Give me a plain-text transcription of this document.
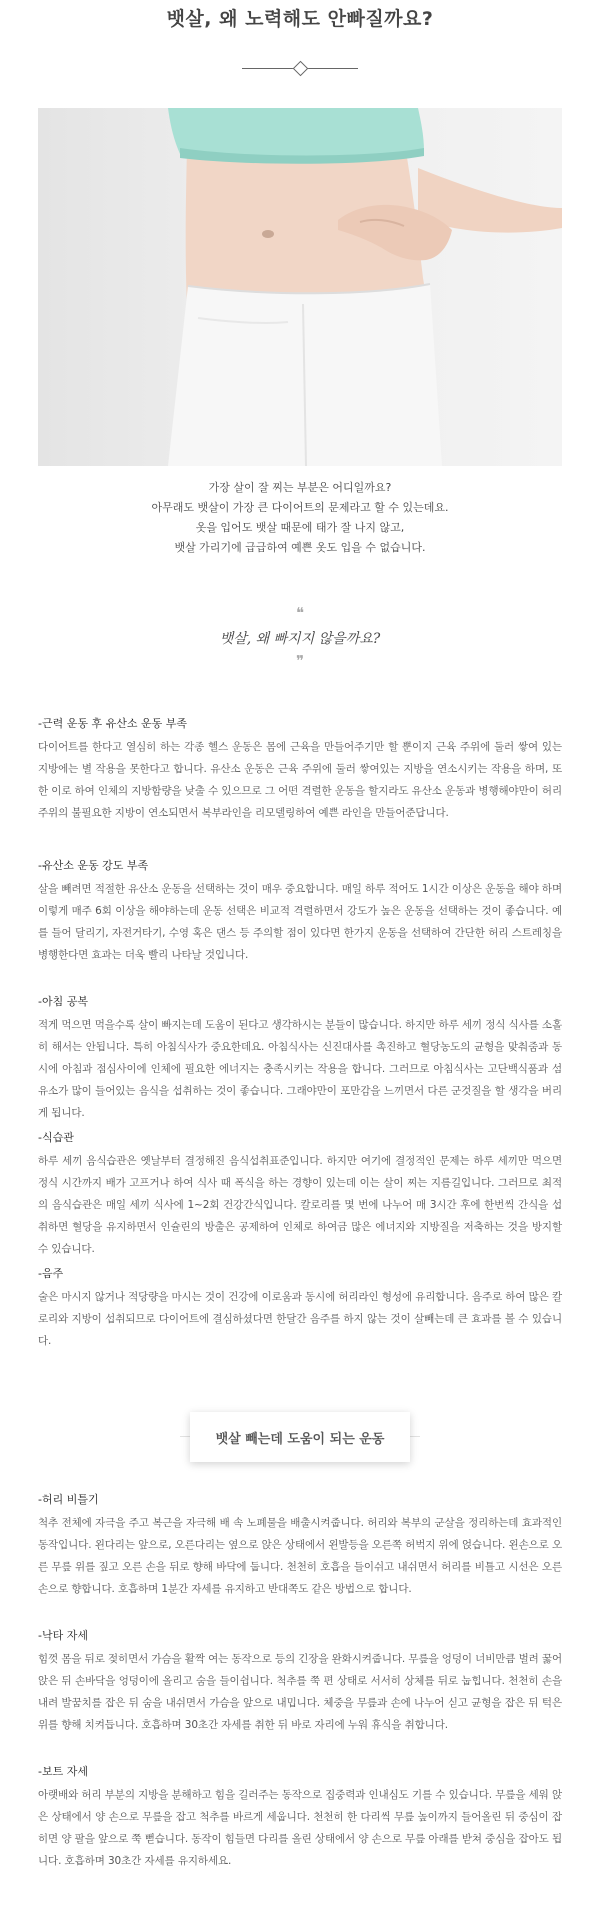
뱃살, 왜 노력해도 안빠질까요?
가장 살이 잘 찌는 부분은 어디일까요?
아무래도 뱃살이 가장 큰 다이어트의 문제라고 할 수 있는데요.
옷을 입어도 뱃살 때문에 태가 잘 나지 않고,
뱃살 가리기에 급급하여 예쁜 옷도 입을 수 없습니다.
❝
뱃살, 왜 빠지지 않을까요?
❞

-근력 운동 후 유산소 운동 부족

다이어트를 한다고 열심히 하는 각종 헬스 운동은 몸에 근육을 만들어주기만 할 뿐이지 근육 주위에 둘러 쌓여 있는 지방에는 별 작용을 못한다고 합니다. 유산소 운동은 근육 주위에 둘러 쌓여있는 지방을 연소시키는 작용을 하며, 또한 이로 하여 인체의 지방함량을 낮출 수 있으므로 그 어떤 격렬한 운동을 할지라도 유산소 운동과 병행해야만이 허리 주위의 불필요한 지방이 연소되면서 복부라인을 리모델링하여 예쁜 라인을 만들어준답니다.

-유산소 운동 강도 부족

살을 빼려면 적절한 유산소 운동을 선택하는 것이 매우 중요합니다. 매일 하루 적어도 1시간 이상은 운동을 해야 하며 이렇게 매주 6회 이상을 해야하는데 운동 선택은 비교적 격렬하면서 강도가 높은 운동을 선택하는 것이 좋습니다. 예를 들어 달리기, 자전거타기, 수영 혹은 댄스 등 주의할 점이 있다면 한가지 운동을 선택하여 간단한 허리 스트레칭을 병행한다면 효과는 더욱 빨리 나타날 것입니다.

-아침 공복

적게 먹으면 먹을수록 살이 빠지는데 도움이 된다고 생각하시는 분들이 많습니다. 하지만 하루 세끼 정식 식사를 소홀히 해서는 안됩니다. 특히 아침식사가 중요한데요. 아침식사는 신진대사를 촉진하고 혈당농도의 균형을 맞춰줌과 동시에 아침과 점심사이에 인체에 필요한 에너지는 충족시키는 작용을 합니다. 그러므로 아침식사는 고단백식품과 섬유소가 많이 들어있는 음식을 섭취하는 것이 좋습니다. 그래야만이 포만감을 느끼면서 다른 군것질을 할 생각을 버리게 됩니다.

-식습관

하루 세끼 음식습관은 옛날부터 결정해진 음식섭취표준입니다. 하지만 여기에 결정적인 문제는 하루 세끼만 먹으면 정식 시간까지 배가 고프거나 하여 식사 때 폭식을 하는 경향이 있는데 이는 살이 찌는 지름길입니다. 그러므로 최적의 음식습관은 매일 세끼 식사에 1~2회 건강간식입니다. 칼로리를 몇 번에 나누어 매 3시간 후에 한번씩 간식을 섭취하면 혈당을 유지하면서 인슐린의 방출은 공제하여 인체로 하여금 많은 에너지와 지방질을 저축하는 것을 방지할 수 있습니다.

-음주

술은 마시지 않거나 적당량을 마시는 것이 건강에 이로움과 동시에 허리라인 형성에 유리합니다. 음주로 하여 많은 칼로리와 지방이 섭취되므로 다이어트에 결심하셨다면 한달간 음주를 하지 않는 것이 살빼는데 큰 효과를 볼 수 있습니다.

뱃살 빼는데 도움이 되는 운동

-허리 비틀기

척추 전체에 자극을 주고 복근을 자극해 배 속 노폐물을 배출시켜줍니다. 허리와 복부의 군살을 정리하는데 효과적인 동작입니다. 왼다리는 앞으로, 오른다리는 옆으로 앉은 상태에서 왼발등을 오른쪽 허벅지 위에 얹습니다. 왼손으로 오른 무릎 위를 짚고 오른 손을 뒤로 향해 바닥에 둡니다. 천천히 호흡을 들이쉬고 내쉬면서 허리를 비틀고 시선은 오른손으로 향합니다. 호흡하며 1분간 자세를 유지하고 반대쪽도 같은 방법으로 합니다.

-낙타 자세

힘껏 몸을 뒤로 젖히면서 가슴을 활짝 여는 동작으로 등의 긴장을 완화시켜줍니다. 무릎을 엉덩이 너비만큼 벌려 꿇어앉은 뒤 손바닥을 엉덩이에 올리고 숨을 들이쉽니다. 척추를 쭉 편 상태로 서서히 상체를 뒤로 눕힙니다. 천천히 손을 내려 발꿈치를 잡은 뒤 숨을 내쉬면서 가슴을 앞으로 내밉니다. 체중을 무릎과 손에 나누어 싣고 균형을 잡은 뒤 턱은 위를 향해 치켜듭니다. 호흡하며 30초간 자세를 취한 뒤 바로 자리에 누워 휴식을 취합니다.

-보트 자세

아랫배와 허리 부분의 지방을 분해하고 힘을 길러주는 동작으로 집중력과 인내심도 기를 수 있습니다. 무릎을 세워 앉은 상태에서 양 손으로 무릎을 잡고 척추를 바르게 세웁니다. 천천히 한 다리씩 무릎 높이까지 들어올린 뒤 중심이 잡히면 양 팔을 앞으로 쭉 뻗습니다. 동작이 힘들면 다리를 올린 상태에서 양 손으로 무릎 아래를 받쳐 중심을 잡아도 됩니다. 호흡하며 30초간 자세를 유지하세요.
